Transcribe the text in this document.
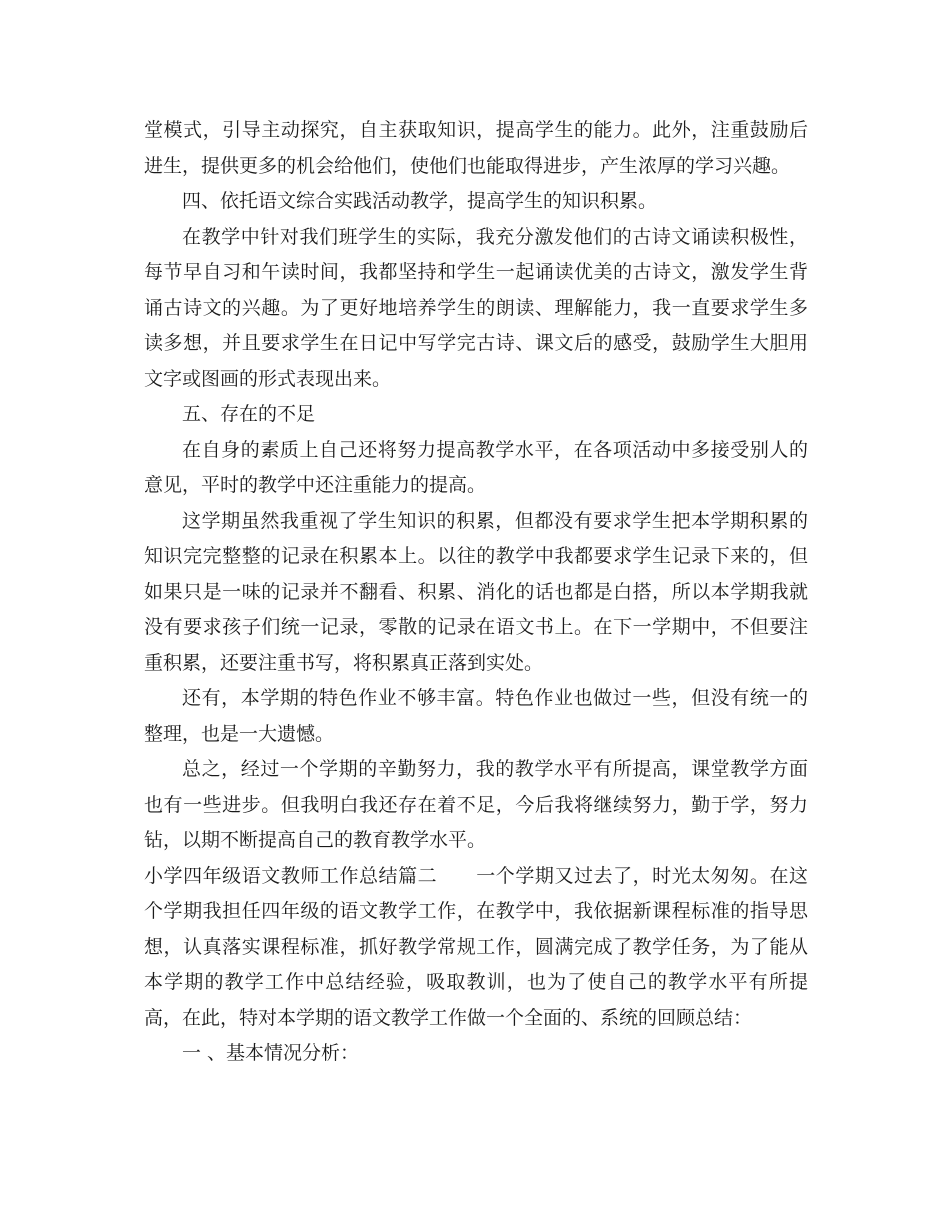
堂模式，引导主动探究，自主获取知识，提高学生的能力。此外，注重鼓励后进生，提供更多的机会给他们，使他们也能取得进步，产生浓厚的学习兴趣。

四、依托语文综合实践活动教学，提高学生的知识积累。

在教学中针对我们班学生的实际，我充分激发他们的古诗文诵读积极性，每节早自习和午读时间，我都坚持和学生一起诵读优美的古诗文，激发学生背诵古诗文的兴趣。为了更好地培养学生的朗读、理解能力，我一直要求学生多读多想，并且要求学生在日记中写学完古诗、课文后的感受，鼓励学生大胆用文字或图画的形式表现出来。

五、存在的不足

在自身的素质上自己还将努力提高教学水平，在各项活动中多接受别人的意见，平时的教学中还注重能力的提高。

这学期虽然我重视了学生知识的积累，但都没有要求学生把本学期积累的知识完完整整的记录在积累本上。以往的教学中我都要求学生记录下来的，但如果只是一味的记录并不翻看、积累、消化的话也都是白搭，所以本学期我就没有要求孩子们统一记录，零散的记录在语文书上。在下一学期中，不但要注重积累，还要注重书写，将积累真正落到实处。

还有，本学期的特色作业不够丰富。特色作业也做过一些，但没有统一的整理，也是一大遗憾。

总之，经过一个学期的辛勤努力，我的教学水平有所提高，课堂教学方面也有一些进步。但我明白我还存在着不足，今后我将继续努力，勤于学，努力钻，以期不断提高自己的教育教学水平。

小学四年级语文教师工作总结篇二　　一个学期又过去了，时光太匆匆。在这个学期我担任四年级的语文教学工作，在教学中，我依据新课程标准的指导思想，认真落实课程标准，抓好教学常规工作，圆满完成了教学任务，为了能从本学期的教学工作中总结经验，吸取教训，也为了使自己的教学水平有所提高，在此，特对本学期的语文教学工作做一个全面的、系统的回顾总结：

一 、基本情况分析：
